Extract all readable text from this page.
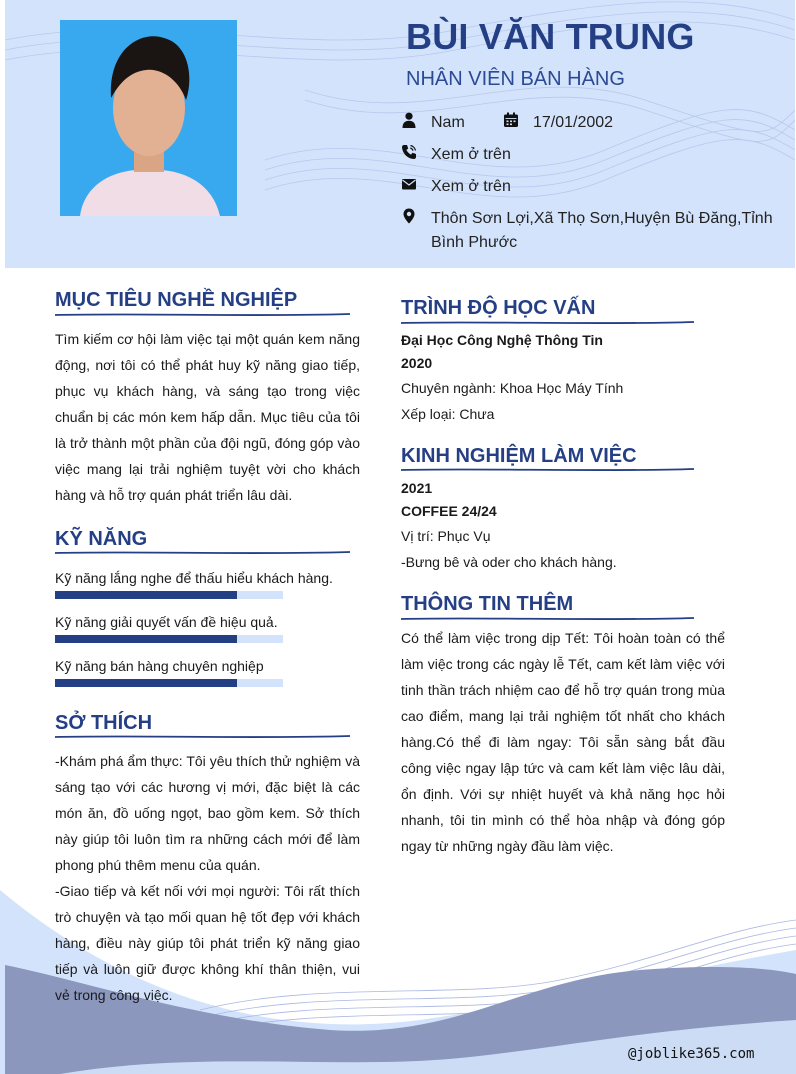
BÙI VĂN TRUNG
NHÂN VIÊN BÁN HÀNG
Nam	17/01/2002
Xem ở trên
Xem ở trên
Thôn Sơn Lợi,Xã Thọ Sơn,Huyện Bù Đăng,Tỉnh Bình Phước
MỤC TIÊU NGHỀ NGHIỆP

Tìm kiếm cơ hội làm việc tại một quán kem năng động, nơi tôi có thể phát huy kỹ năng giao tiếp, phục vụ khách hàng, và sáng tạo trong việc chuẩn bị các món kem hấp dẫn. Mục tiêu của tôi là trở thành một phần của đội ngũ, đóng góp vào việc mang lại trải nghiệm tuyệt vời cho khách hàng và hỗ trợ quán phát triển lâu dài.

KỸ NĂNG
Kỹ năng lắng nghe để thấu hiểu khách hàng.
Kỹ năng giải quyết vấn đề hiệu quả.
Kỹ năng bán hàng chuyên nghiệp
SỞ THÍCH

-Khám phá ẩm thực: Tôi yêu thích thử nghiệm và sáng tạo với các hương vị mới, đặc biệt là các món ăn, đồ uống ngọt, bao gồm kem. Sở thích này giúp tôi luôn tìm ra những cách mới để làm phong phú thêm menu của quán.

-Giao tiếp và kết nối với mọi người: Tôi rất thích trò chuyện và tạo mối quan hệ tốt đẹp với khách hàng, điều này giúp tôi phát triển kỹ năng giao tiếp và luôn giữ được không khí thân thiện, vui vẻ trong công việc.

TRÌNH ĐỘ HỌC VẤN
Đại Học Công Nghệ Thông Tin
2020
Chuyên ngành: Khoa Học Máy Tính
Xếp loại: Chưa
KINH NGHIỆM LÀM VIỆC
2021
COFFEE 24/24
Vị trí: Phục Vụ
-Bưng bê và oder cho khách hàng.
THÔNG TIN THÊM

Có thể làm việc trong dịp Tết: Tôi hoàn toàn có thể làm việc trong các ngày lễ Tết, cam kết làm việc với tinh thần trách nhiệm cao để hỗ trợ quán trong mùa cao điểm, mang lại trải nghiệm tốt nhất cho khách hàng.Có thể đi làm ngay: Tôi sẵn sàng bắt đầu công việc ngay lập tức và cam kết làm việc lâu dài, ổn định. Với sự nhiệt huyết và khả năng học hỏi nhanh, tôi tin mình có thể hòa nhập và đóng góp ngay từ những ngày đầu làm việc.

@joblike365.com
